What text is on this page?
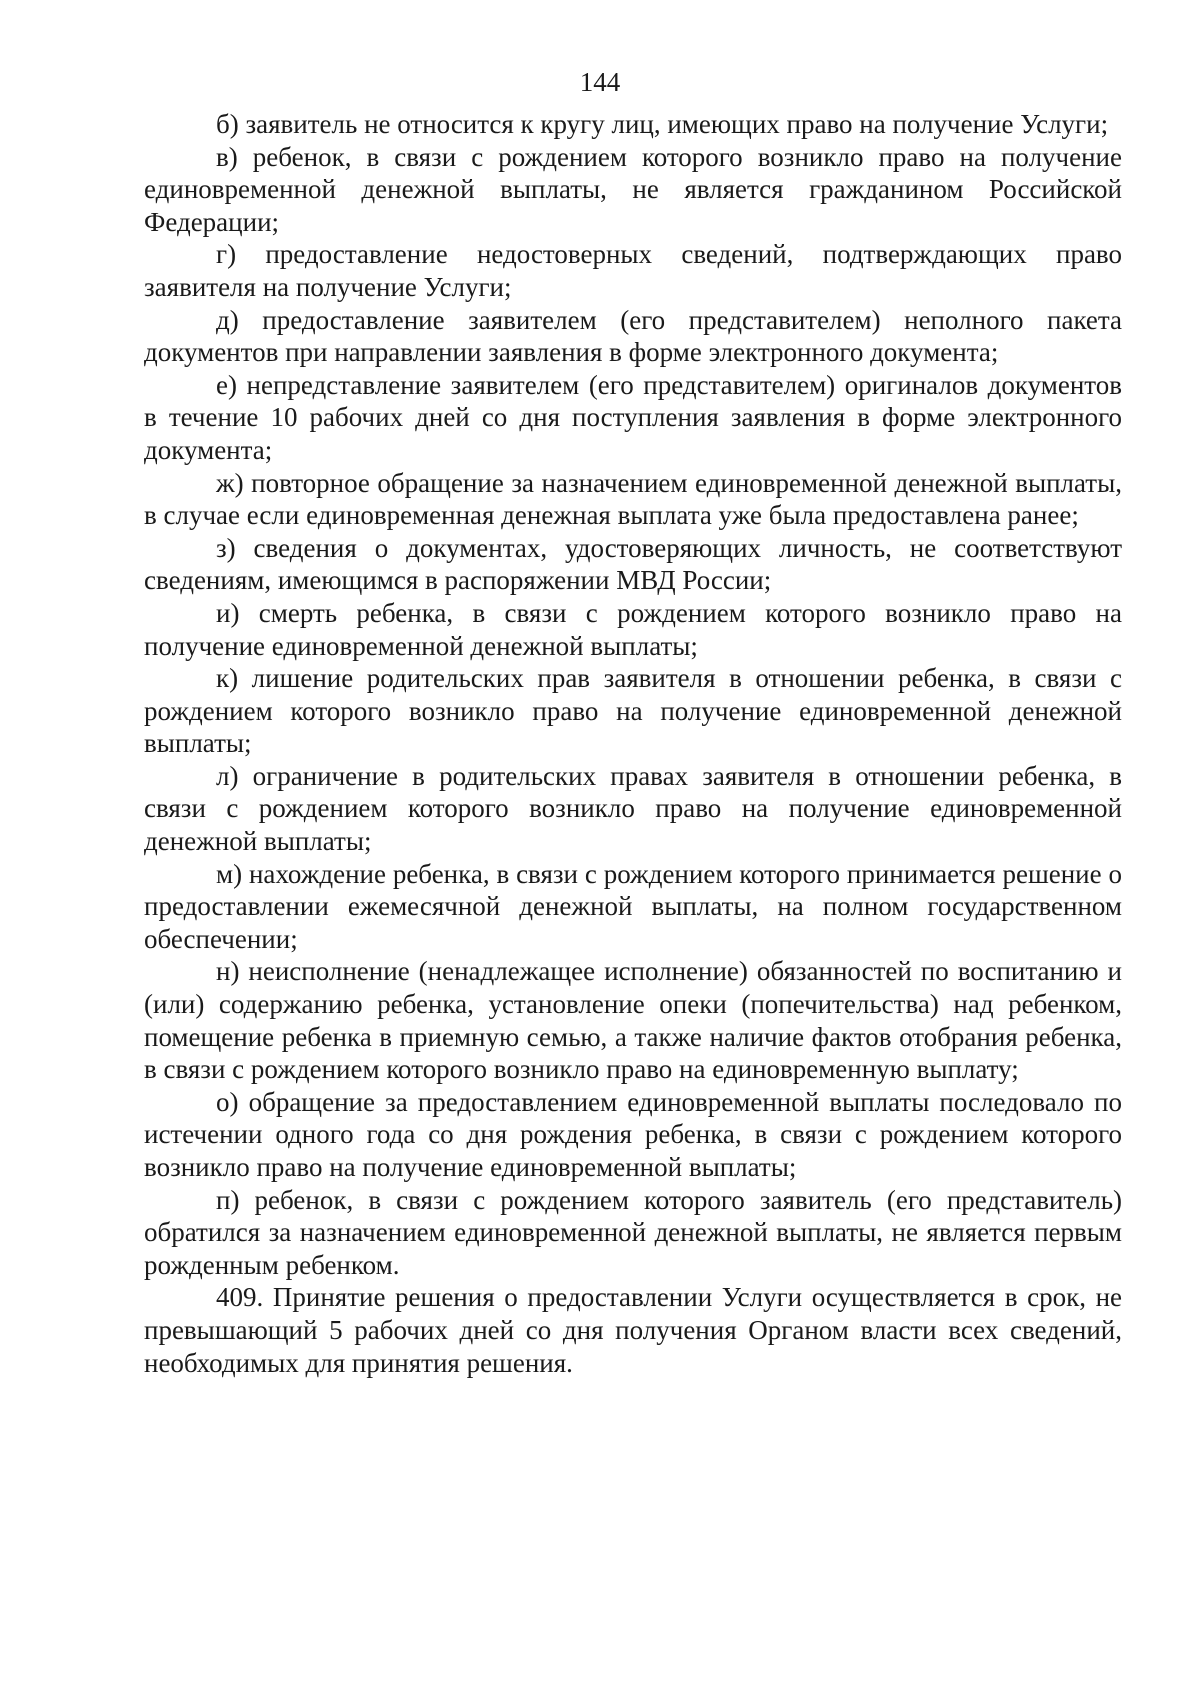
144

б) заявитель не относится к кругу лиц, имеющих право на получение Услуги;

в) ребенок, в связи с рождением которого возникло право на получение единовременной денежной выплаты, не является гражданином Российской Федерации;

г) предоставление недостоверных сведений, подтверждающих право заявителя на получение Услуги;

д) предоставление заявителем (его представителем) неполного пакета документов при направлении заявления в форме электронного документа;

е) непредставление заявителем (его представителем) оригиналов документов в течение 10 рабочих дней со дня поступления заявления в форме электронного документа;

ж) повторное обращение за назначением единовременной денежной выплаты, в случае если единовременная денежная выплата уже была предоставлена ранее;

з) сведения о документах, удостоверяющих личность, не соответствуют сведениям, имеющимся в распоряжении МВД России;

и) смерть ребенка, в связи с рождением которого возникло право на получение единовременной денежной выплаты;

к) лишение родительских прав заявителя в отношении ребенка, в связи с рождением которого возникло право на получение единовременной денежной выплаты;

л) ограничение в родительских правах заявителя в отношении ребенка, в связи с рождением которого возникло право на получение единовременной денежной выплаты;

м) нахождение ребенка, в связи с рождением которого принимается решение о предоставлении ежемесячной денежной выплаты, на полном государственном обеспечении;

н) неисполнение (ненадлежащее исполнение) обязанностей по воспитанию и (или) содержанию ребенка, установление опеки (попечительства) над ребенком, помещение ребенка в приемную семью, а также наличие фактов отобрания ребенка, в связи с рождением которого возникло право на единовременную выплату;

о) обращение за предоставлением единовременной выплаты последовало по истечении одного года со дня рождения ребенка, в связи с рождением которого возникло право на получение единовременной выплаты;

п) ребенок, в связи с рождением которого заявитель (его представитель) обратился за назначением единовременной денежной выплаты, не является первым рожденным ребенком.

409. Принятие решения о предоставлении Услуги осуществляется в срок, не превышающий 5 рабочих дней со дня получения Органом власти всех сведений, необходимых для принятия решения.
